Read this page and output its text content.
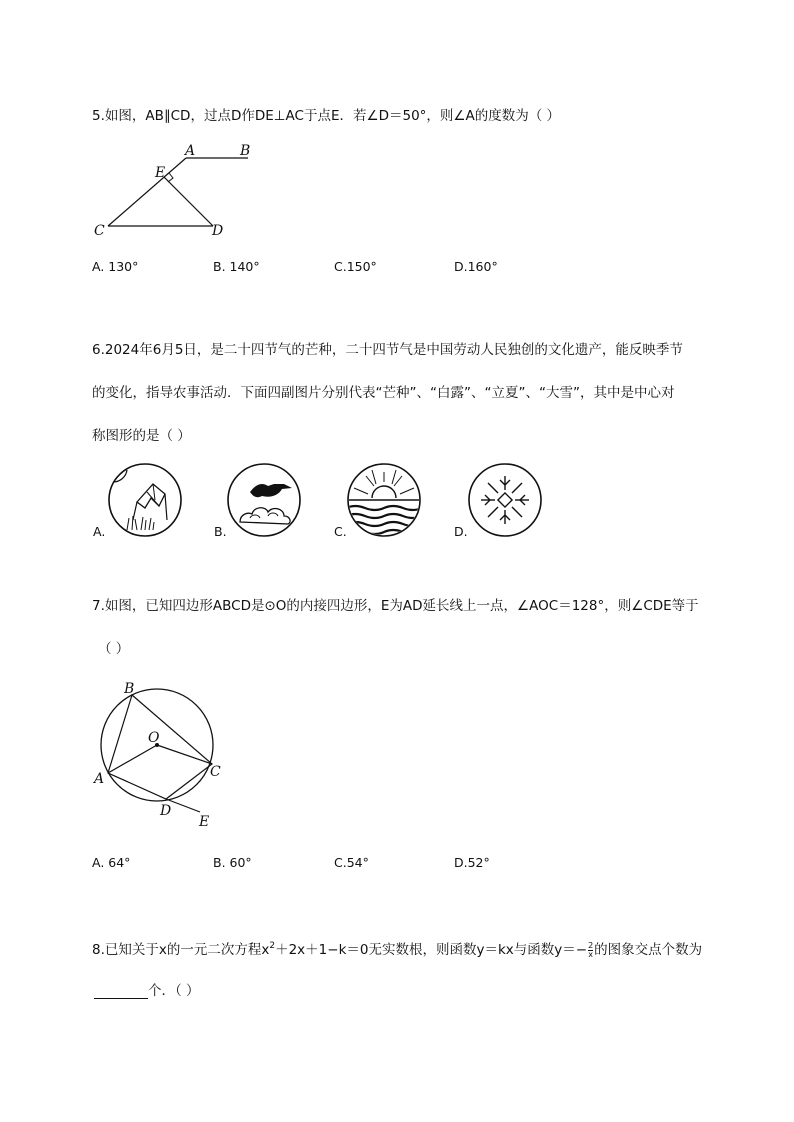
5.如图，AB∥CD，过点D作DE⊥AC于点E．若∠D＝50°，则∠A的度数为（ ）
A	B
E
C	D
A. 130°	B. 140°	C.150°	D.160°
6.2024年6月5日，是二十四节气的芒种，二十四节气是中国劳动人民独创的文化遗产，能反映季节
的变化，指导农事活动．下面四副图片分别代表“芒种”、“白露”、“立夏”、“大雪”，其中是中心对
称图形的是（ ）
A.	B.	C.	D.
7.如图，已知四边形ABCD是⊙O的内接四边形，E为AD延长线上一点，∠AOC＝128°，则∠CDE等于
（ ）
B
O
C
A
D
E
A. 64°	B. 60°	C.54°	D.52°
8.已知关于x的一元二次方程$x^2+2x+1-k=0$无实数根，则函数y＝kx与函数$y=- \frac{2}{x}$ 的图象交点个数为
个．（ ）
